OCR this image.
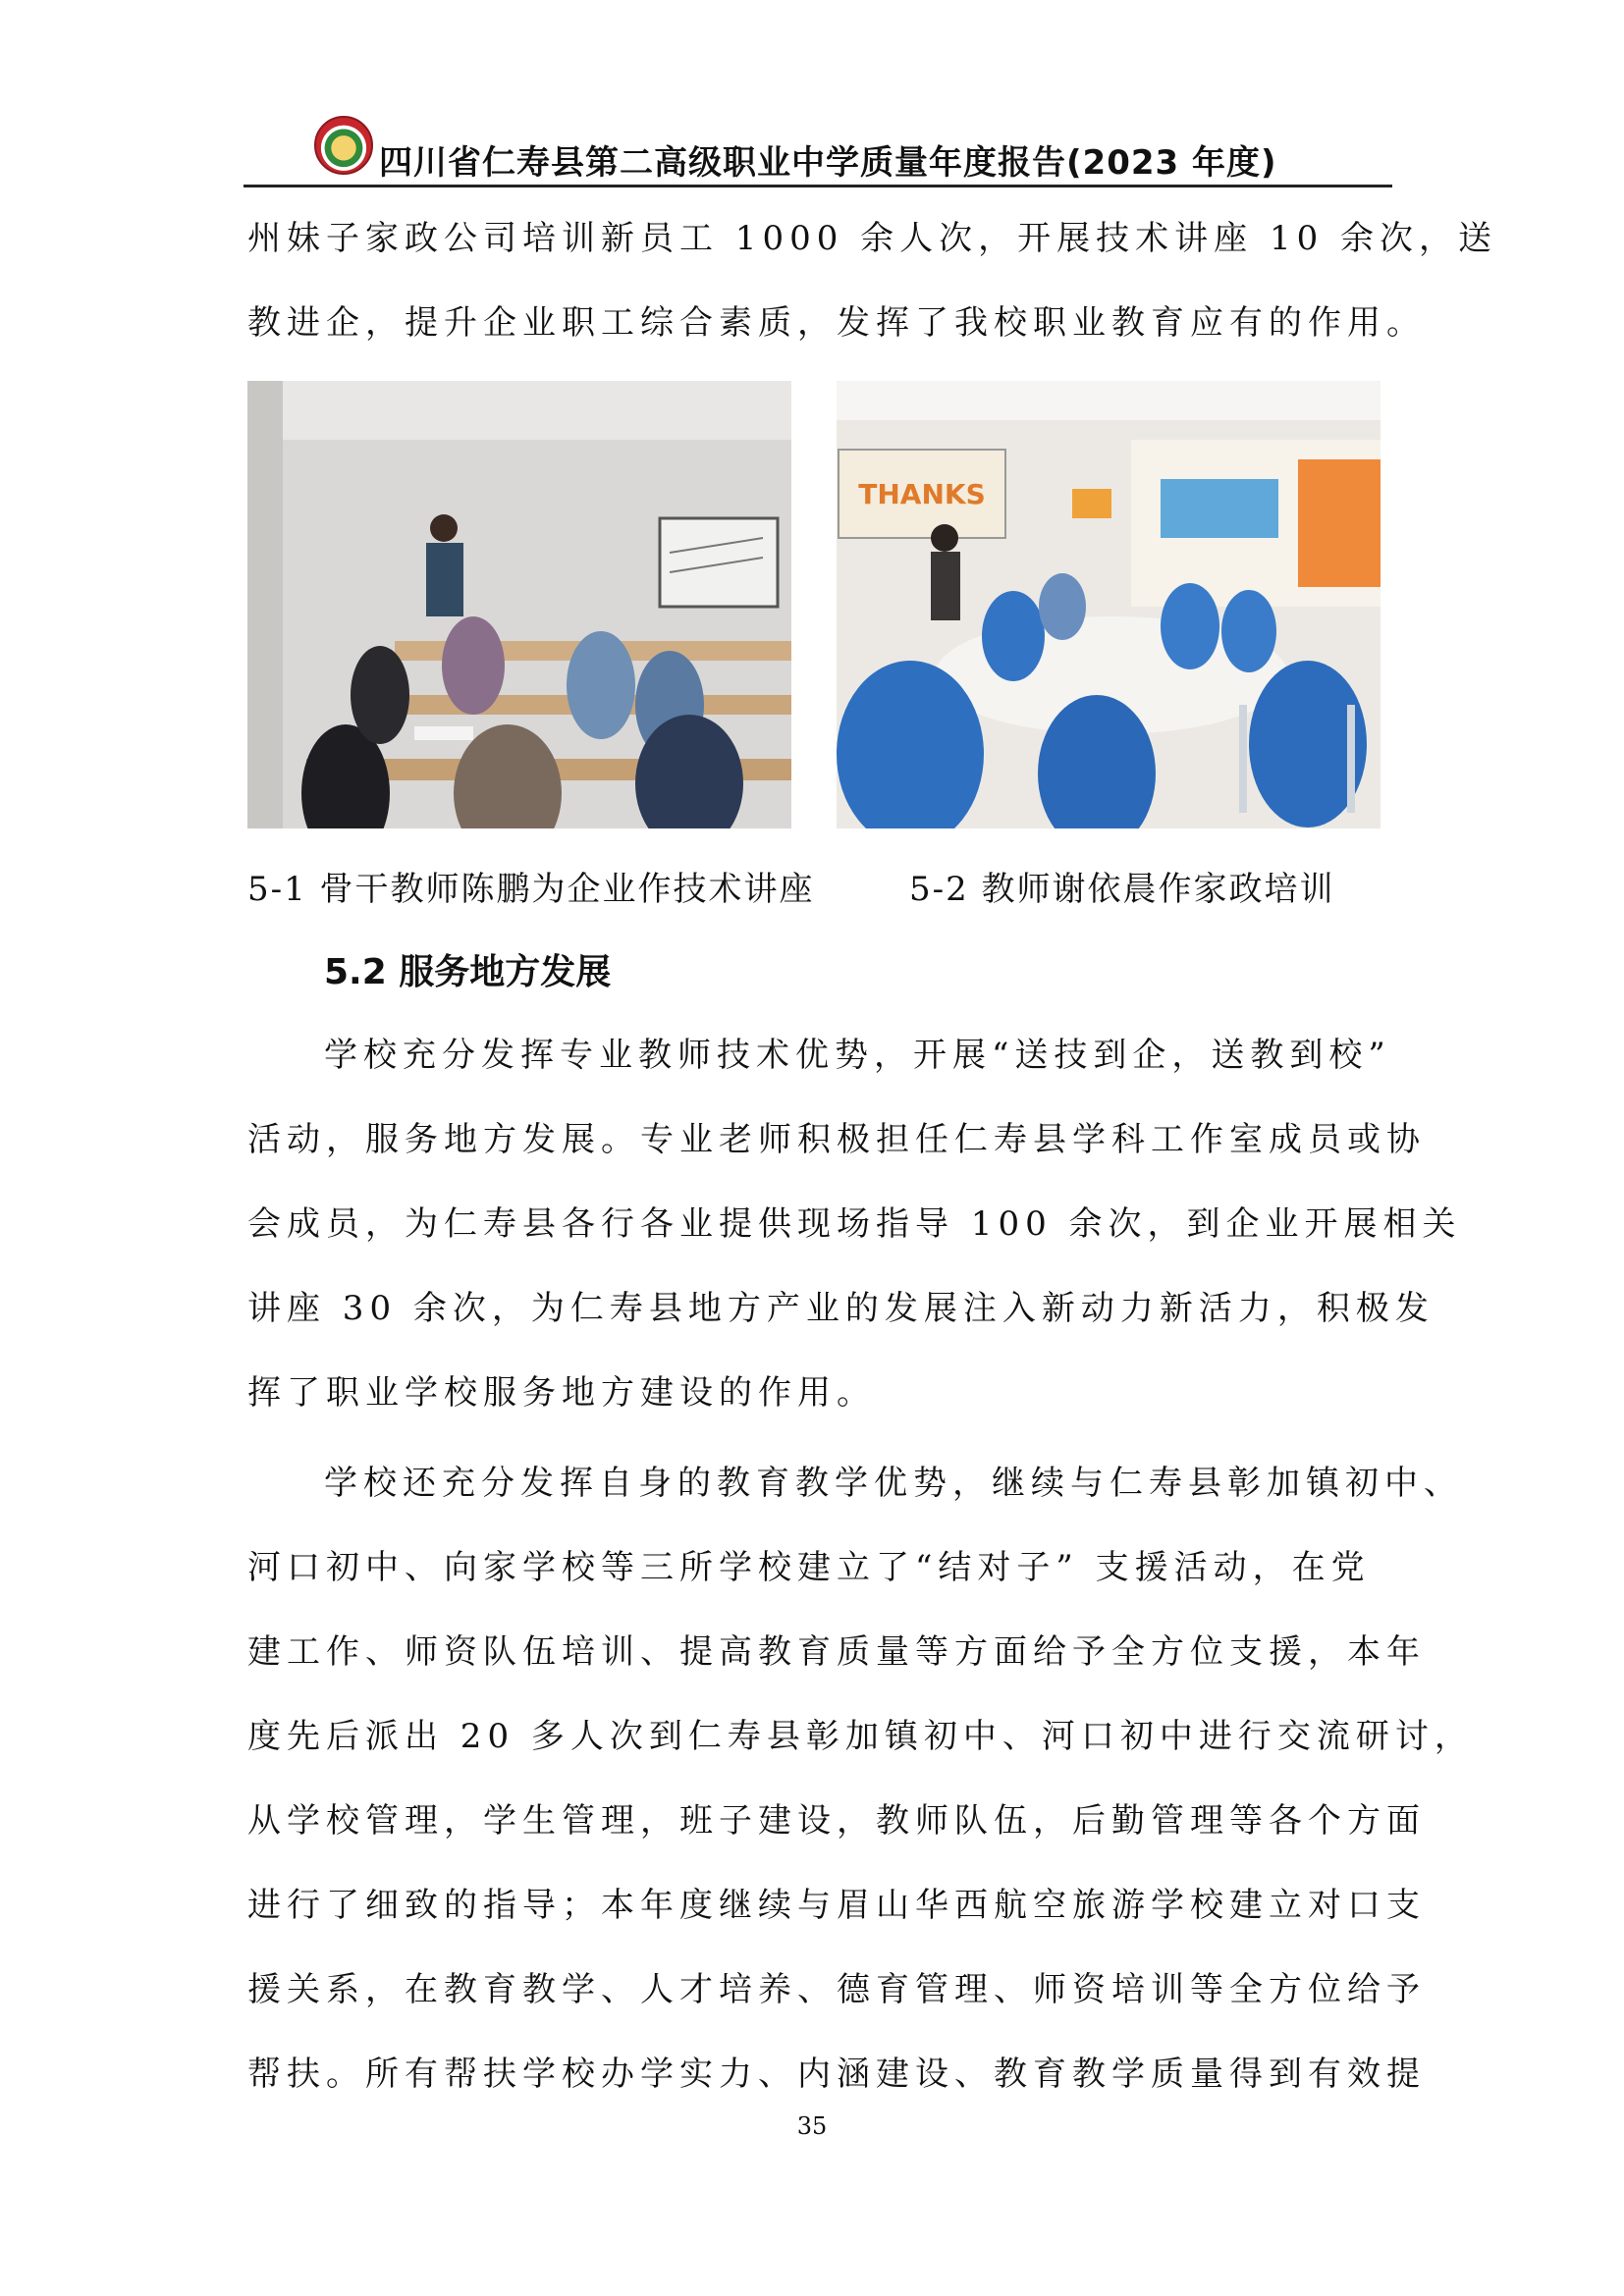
四川省仁寿县第二高级职业中学质量年度报告(2023 年度)

州妹子家政公司培训新员工 1000 余人次，开展技术讲座 10 余次，送

教进企，提升企业职工综合素质，发挥了我校职业教育应有的作用。

THANKS
5-1 骨干教师陈鹏为企业作技术讲座	5-2 教师谢依晨作家政培训
5.2 服务地方发展

学校充分发挥专业教师技术优势，开展“送技到企，送教到校”

活动，服务地方发展。专业老师积极担任仁寿县学科工作室成员或协

会成员，为仁寿县各行各业提供现场指导 100 余次，到企业开展相关

讲座 30 余次，为仁寿县地方产业的发展注入新动力新活力，积极发

挥了职业学校服务地方建设的作用。

学校还充分发挥自身的教育教学优势，继续与仁寿县彰加镇初中、

河口初中、向家学校等三所学校建立了“结对子” 支援活动，在党

建工作、师资队伍培训、提高教育质量等方面给予全方位支援，本年

度先后派出 20 多人次到仁寿县彰加镇初中、河口初中进行交流研讨，

从学校管理，学生管理，班子建设，教师队伍，后勤管理等各个方面

进行了细致的指导；本年度继续与眉山华西航空旅游学校建立对口支

援关系，在教育教学、人才培养、德育管理、师资培训等全方位给予

帮扶。所有帮扶学校办学实力、内涵建设、教育教学质量得到有效提

35
